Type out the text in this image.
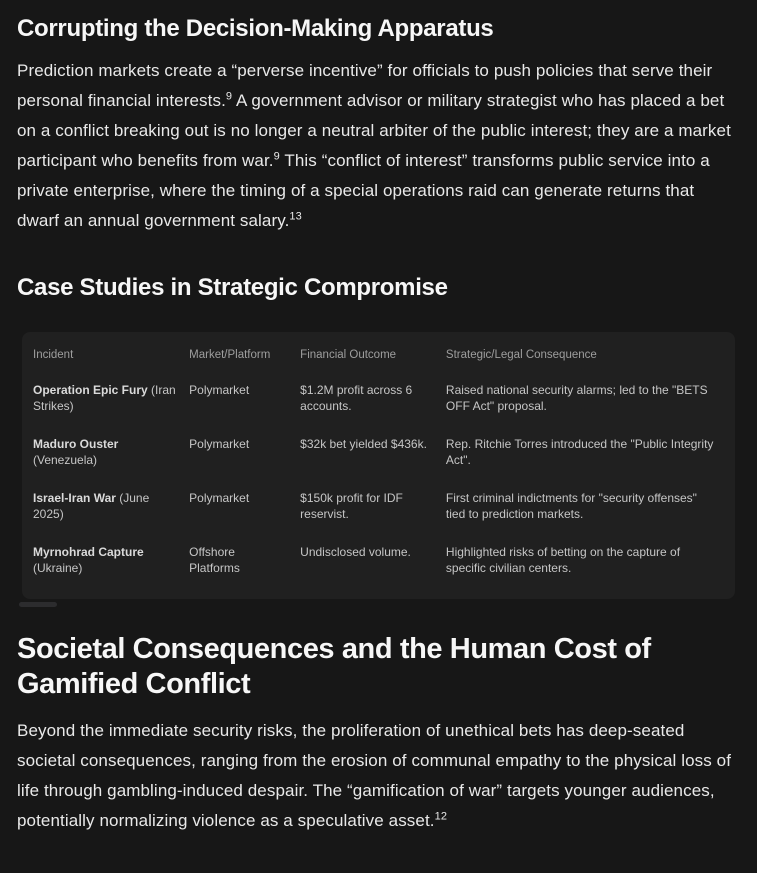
Corrupting the Decision-Making Apparatus

Prediction markets create a “perverse incentive” for officials to push policies that serve their personal financial interests.$^9$ A government advisor or military strategist who has placed a bet on a conflict breaking out is no longer a neutral arbiter of the public interest; they are a market participant who benefits from war.$^9$ This “conflict of interest” transforms public service into a private enterprise, where the timing of a special operations raid can generate returns that dwarf an annual government salary.$^{13}$

Case Studies in Strategic Compromise
Incident	Market/Platform	Financial Outcome	Strategic/Legal Consequence
Operation Epic Fury (Iran Strikes)	Polymarket	$1.2M profit across 6 accounts.	Raised national security alarms; led to the "BETS OFF Act" proposal.
Maduro Ouster (Venezuela)	Polymarket	$32k bet yielded $436k.	Rep. Ritchie Torres introduced the "Public Integrity Act".
Israel-Iran War (June 2025)	Polymarket	$150k profit for IDF reservist.	First criminal indictments for "security offenses" tied to prediction markets.
Myrnohrad Capture (Ukraine)	Offshore Platforms	Undisclosed volume.	Highlighted risks of betting on the capture of specific civilian centers.
Societal Consequences and the Human Cost of Gamified Conflict

Beyond the immediate security risks, the proliferation of unethical bets has deep-seated societal consequences, ranging from the erosion of communal empathy to the physical loss of life through gambling-induced despair. The “gamification of war” targets younger audiences, potentially normalizing violence as a speculative asset.$^{12}$
